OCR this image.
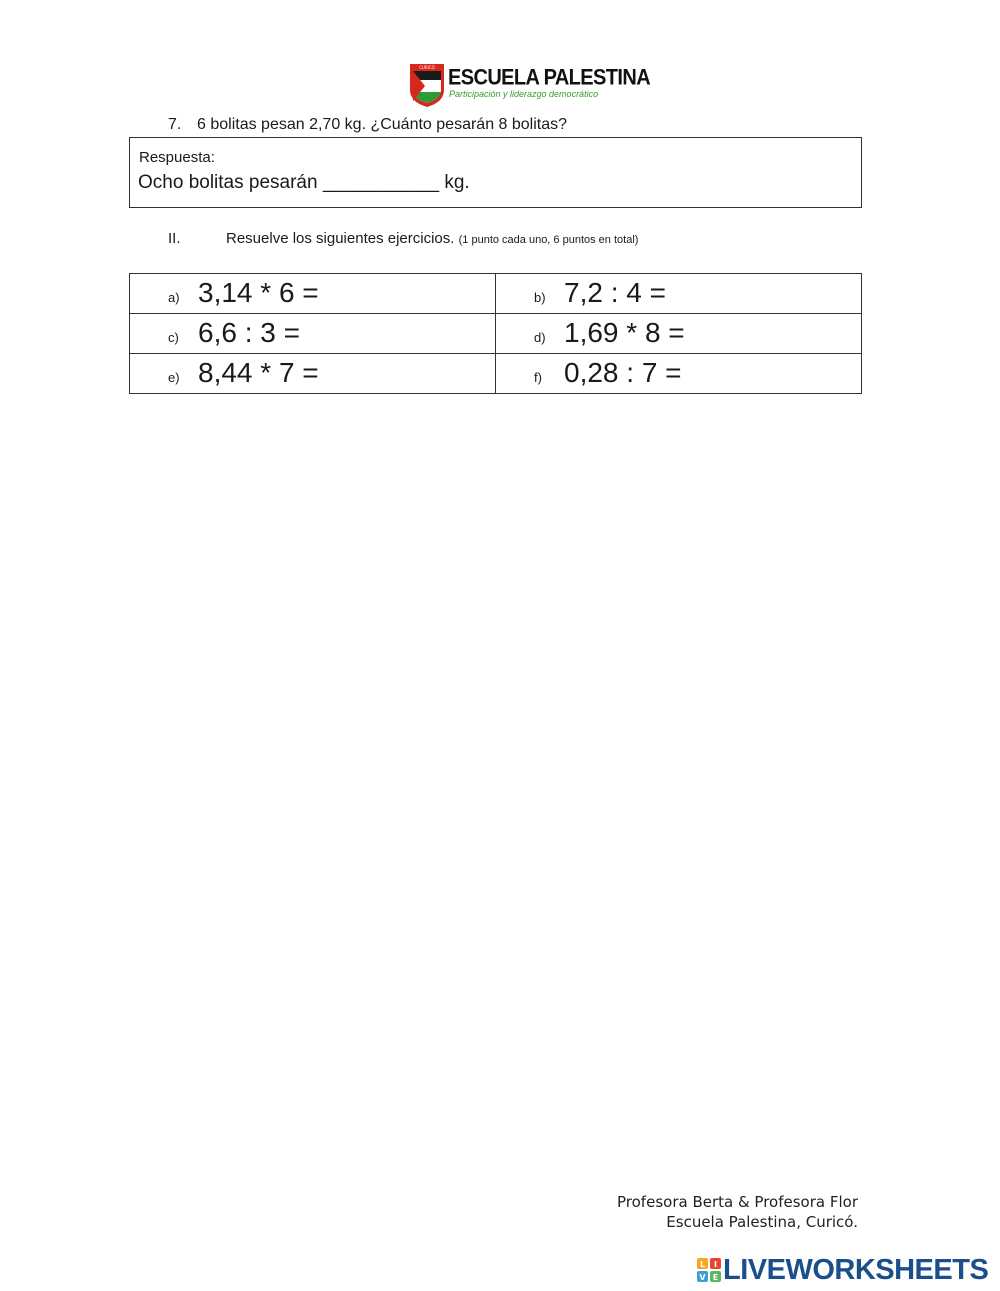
CURICÓ ESCUELA PALESTINA
Participación y liderazgo democrático
7. 6 bolitas pesan 2,70 kg. ¿Cuánto pesarán 8 bolitas?
Respuesta:
Ocho bolitas pesarán ___________ kg.
II.	Resuelve los siguientes ejercicios. (1 punto cada uno, 6 puntos en total)
a) 3,14 * 6 =	b) 7,2 : 4 =

c) 6,6 : 3 =	d) 1,69 * 8 =

e) 8,44 * 7 =	f) 0,28 : 7 =
Profesora Berta & Profesora Flor
Escuela Palestina, Curicó.
L I
V E LIVEWORKSHEETS
